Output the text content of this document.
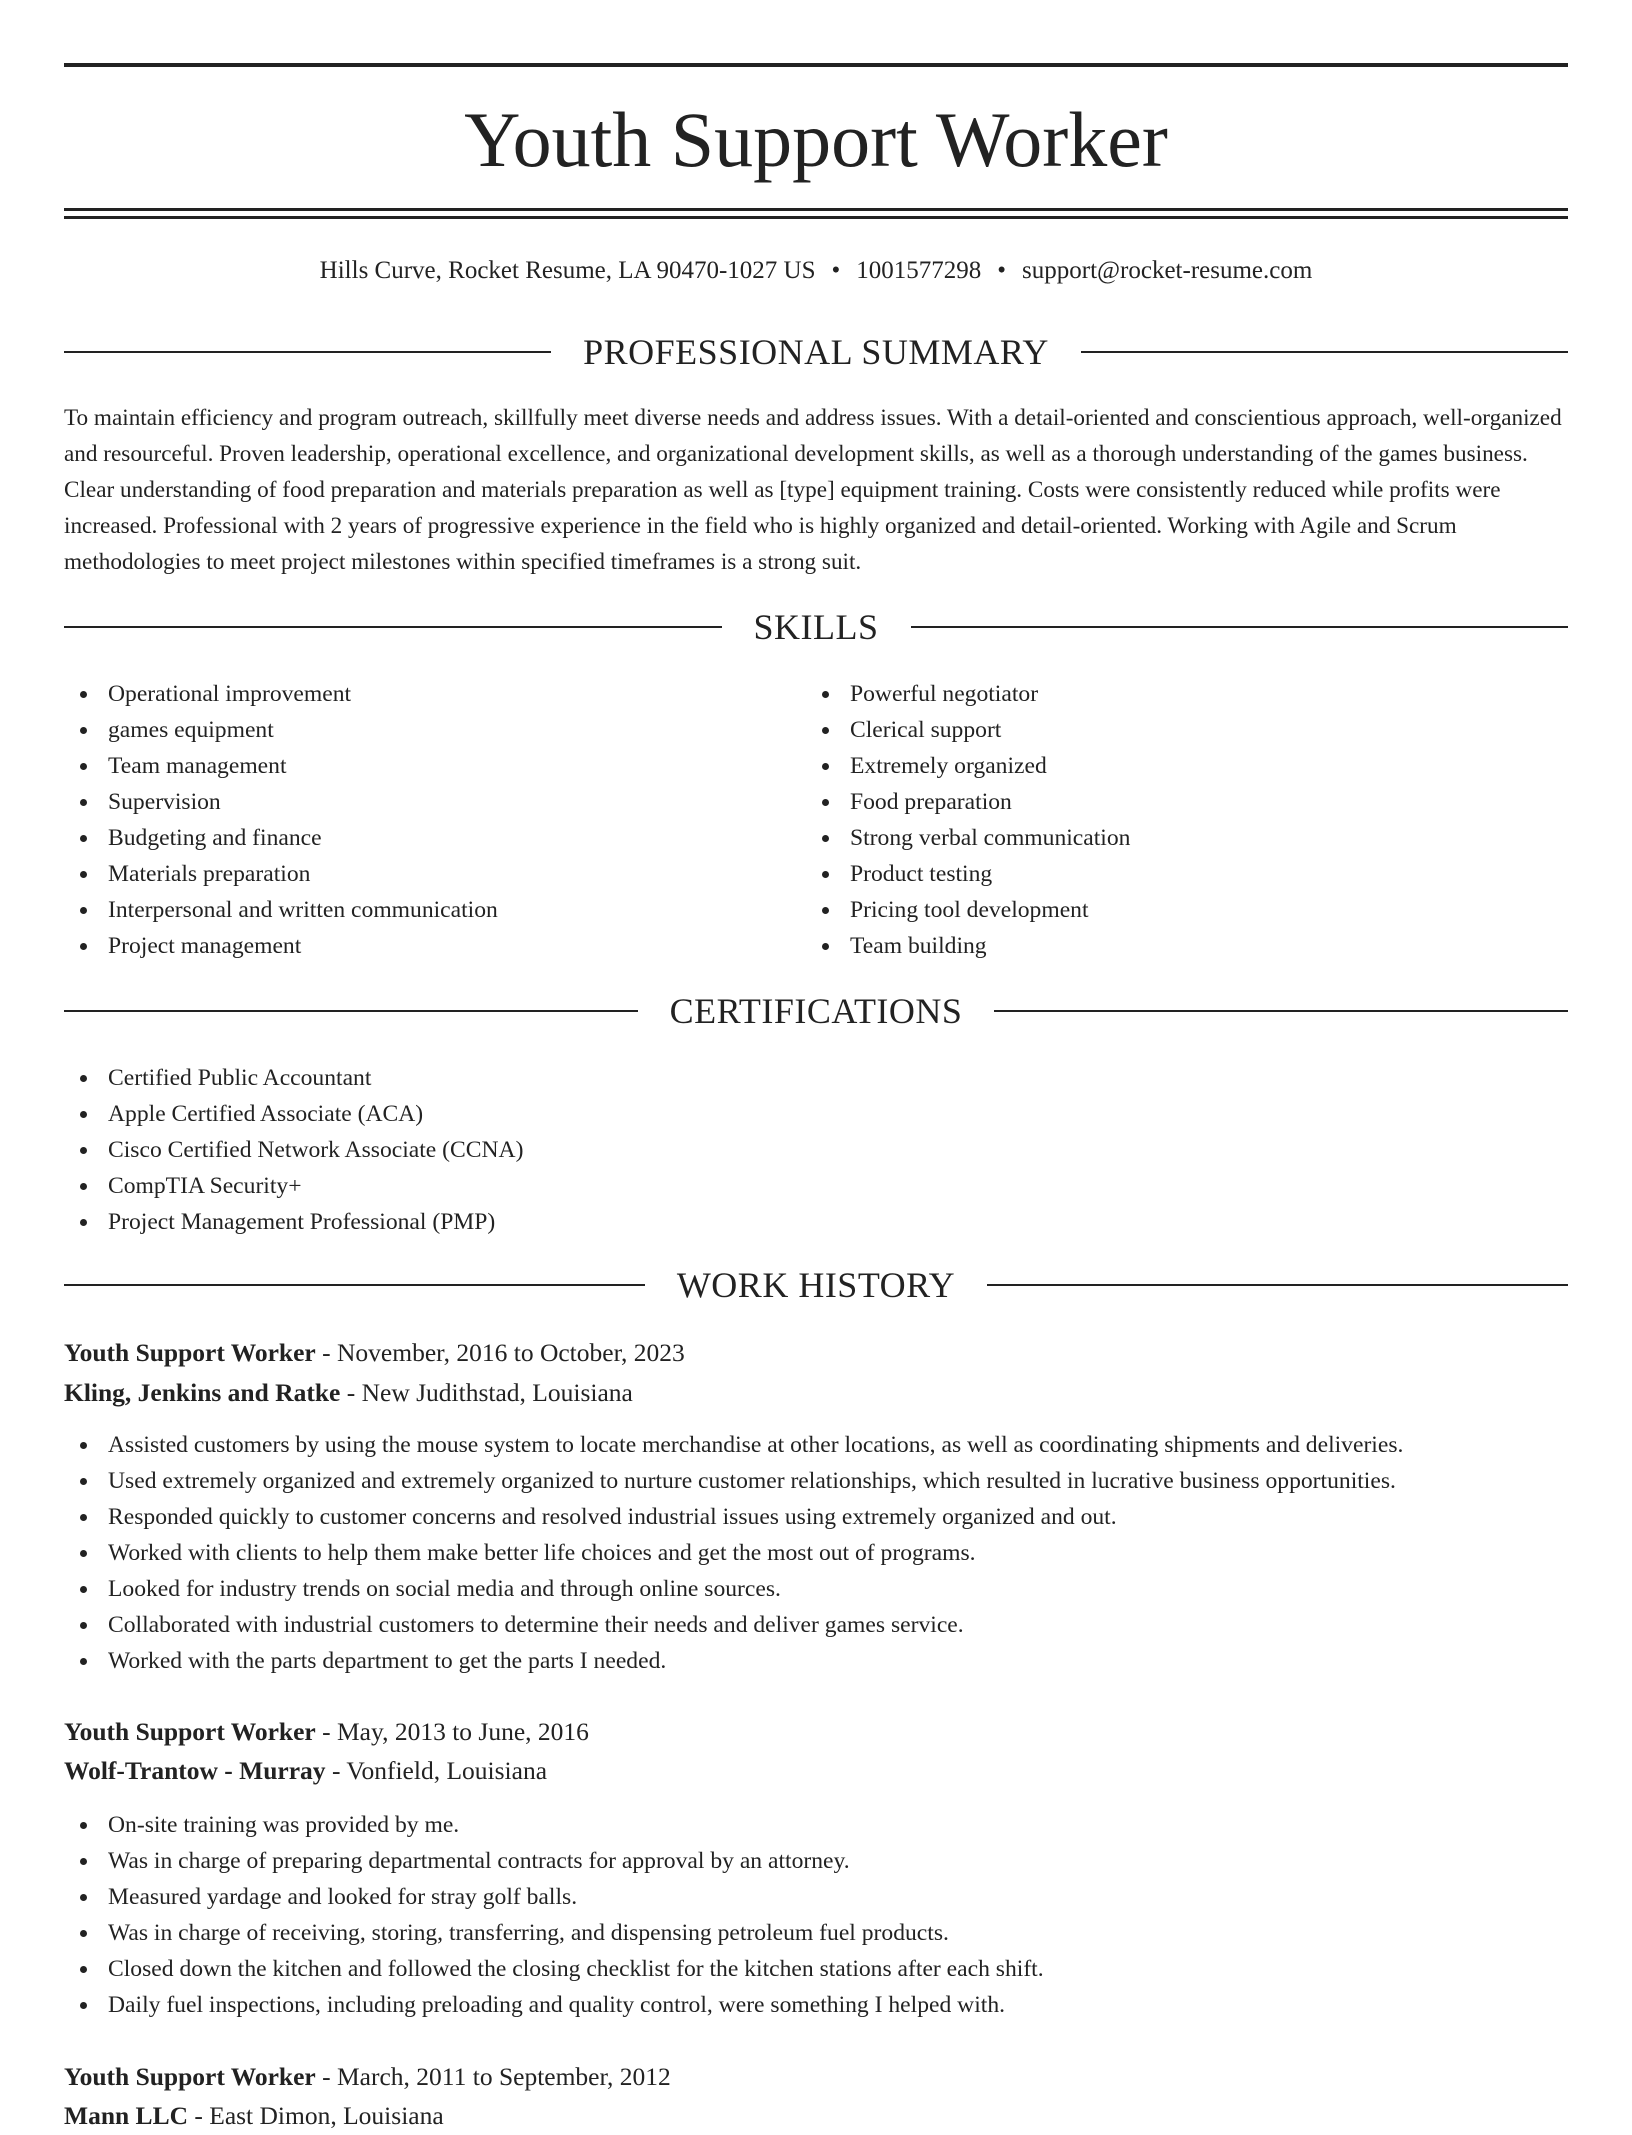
Youth Support Worker
Hills Curve, Rocket Resume, LA 90470-1027 US • 1001577298 • support@rocket-resume.com
PROFESSIONAL SUMMARY

To maintain efficiency and program outreach, skillfully meet diverse needs and address issues. With a detail-oriented and conscientious approach, well-organized and resourceful. Proven leadership, operational excellence, and organizational development skills, as well as a thorough understanding of the games business. Clear understanding of food preparation and materials preparation as well as [type] equipment training. Costs were consistently reduced while profits were increased. Professional with 2 years of progressive experience in the field who is highly organized and detail-oriented. Working with Agile and Scrum methodologies to meet project milestones within specified timeframes is a strong suit.

SKILLS
Operational improvement
games equipment
Team management
Supervision
Budgeting and finance
Materials preparation
Interpersonal and written communication
Project management
Powerful negotiator
Clerical support
Extremely organized
Food preparation
Strong verbal communication
Product testing
Pricing tool development
Team building
CERTIFICATIONS
Certified Public Accountant
Apple Certified Associate (ACA)
Cisco Certified Network Associate (CCNA)
CompTIA Security+
Project Management Professional (PMP)
WORK HISTORY
Youth Support Worker - November, 2016 to October, 2023
Kling, Jenkins and Ratke - New Judithstad, Louisiana
Assisted customers by using the mouse system to locate merchandise at other locations, as well as coordinating shipments and deliveries.
Used extremely organized and extremely organized to nurture customer relationships, which resulted in lucrative business opportunities.
Responded quickly to customer concerns and resolved industrial issues using extremely organized and out.
Worked with clients to help them make better life choices and get the most out of programs.
Looked for industry trends on social media and through online sources.
Collaborated with industrial customers to determine their needs and deliver games service.
Worked with the parts department to get the parts I needed.
Youth Support Worker - May, 2013 to June, 2016
Wolf-Trantow - Murray - Vonfield, Louisiana
On-site training was provided by me.
Was in charge of preparing departmental contracts for approval by an attorney.
Measured yardage and looked for stray golf balls.
Was in charge of receiving, storing, transferring, and dispensing petroleum fuel products.
Closed down the kitchen and followed the closing checklist for the kitchen stations after each shift.
Daily fuel inspections, including preloading and quality control, were something I helped with.
Youth Support Worker - March, 2011 to September, 2012
Mann LLC - East Dimon, Louisiana
